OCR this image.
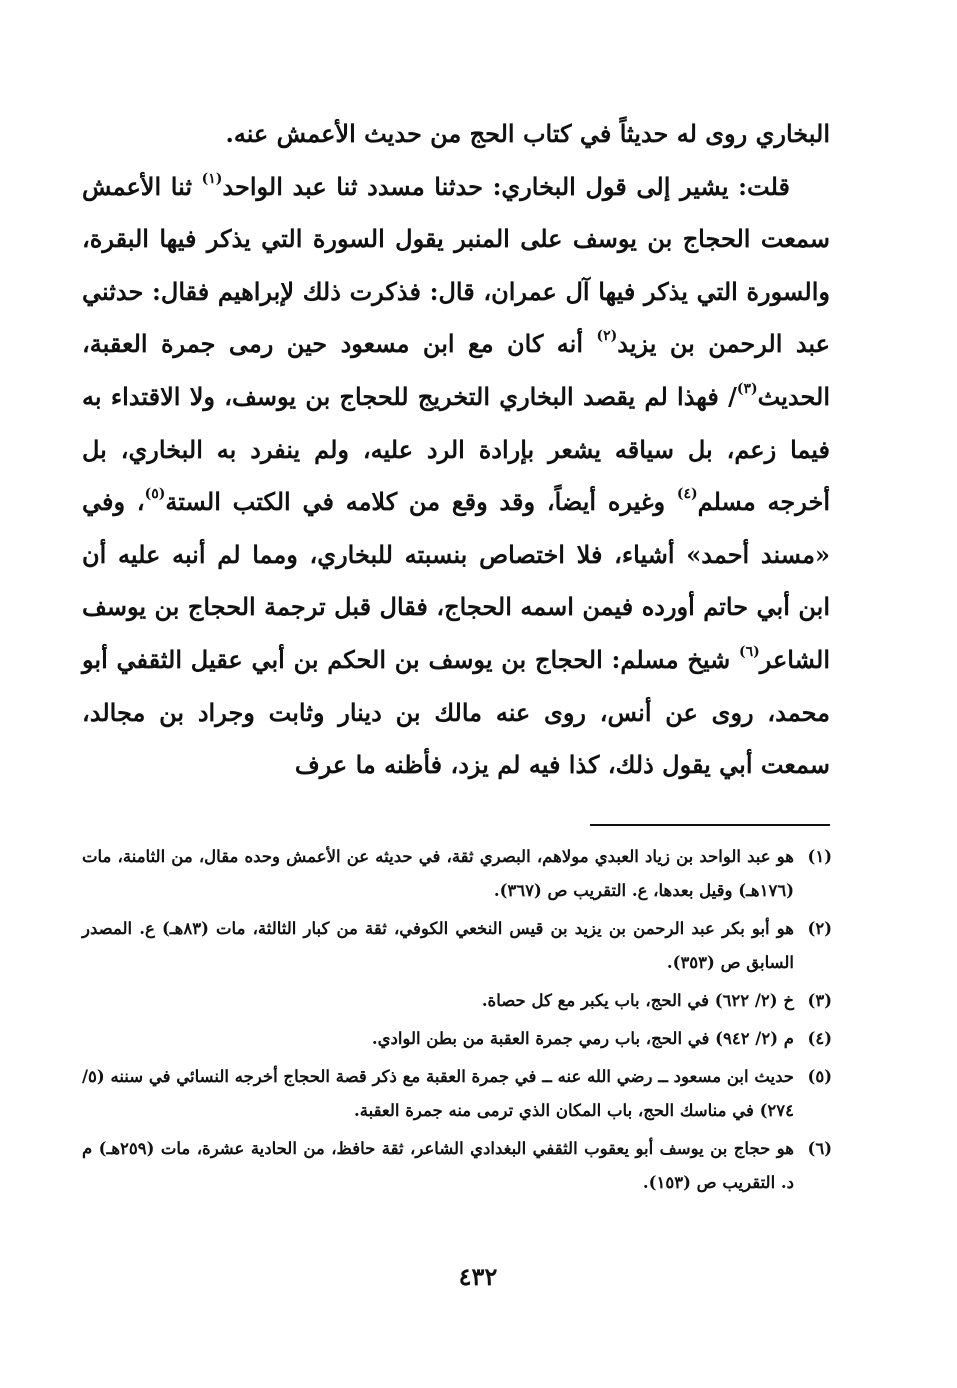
البخاري روى له حديثاً في كتاب الحج من حديث الأعمش عنه.

قلت: يشير إلى قول البخاري: حدثنا مسدد ثنا عبد الواحد$^{(١)}$ ثنا الأعمش سمعت الحجاج بن يوسف على المنبر يقول السورة التي يذكر فيها البقرة، والسورة التي يذكر فيها آل عمران، قال: فذكرت ذلك لإبراهيم فقال: حدثني عبد الرحمن بن يزيد$^{(٢)}$ أنه كان مع ابن مسعود حين رمى جمرة العقبة، الحديث$^{(٣)}$/ فهذا لم يقصد البخاري التخريج للحجاج بن يوسف، ولا الاقتداء به فيما زعم، بل سياقه يشعر بإرادة الرد عليه، ولم ينفرد به البخاري، بل أخرجه مسلم$^{(٤)}$ وغيره أيضاً، وقد وقع من كلامه في الكتب الستة$^{(٥)}$، وفي «مسند أحمد» أشياء، فلا اختصاص بنسبته للبخاري، ومما لم أنبه عليه أن ابن أبي حاتم أورده فيمن اسمه الحجاج، فقال قبل ترجمة الحجاج بن يوسف الشاعر$^{(٦)}$ شيخ مسلم: الحجاج بن يوسف بن الحكم بن أبي عقيل الثقفي أبو محمد، روى عن أنس، روى عنه مالك بن دينار وثابت وجراد بن مجالد، سمعت أبي يقول ذلك، كذا فيه لم يزد، فأظنه ما عرف

(١)
هو عبد الواحد بن زياد العبدي مولاهم، البصري ثقة، في حديثه عن الأعمش وحده مقال، من الثامنة، مات (١٧٦هـ) وقيل بعدها، ع. التقريب ص (٣٦٧).
(٢)
هو أبو بكر عبد الرحمن بن يزيد بن قيس النخعي الكوفي، ثقة من كبار الثالثة، مات (٨٣هـ) ع. المصدر السابق ص (٣٥٣).
(٣)
خ (٢/ ٦٢٢) في الحج، باب يكبر مع كل حصاة.
(٤)
م (٢/ ٩٤٢) في الحج، باب رمي جمرة العقبة من بطن الوادي.
(٥)
حديث ابن مسعود ــ رضي الله عنه ــ في جمرة العقبة مع ذكر قصة الحجاج أخرجه النسائي في سننه (٥/ ٢٧٤) في مناسك الحج، باب المكان الذي ترمى منه جمرة العقبة.
(٦)
هو حجاج بن يوسف أبو يعقوب الثقفي البغدادي الشاعر، ثقة حافظ، من الحادية عشرة، مات (٢٥٩هـ) م د. التقريب ص (١٥٣).
٤٣٢
